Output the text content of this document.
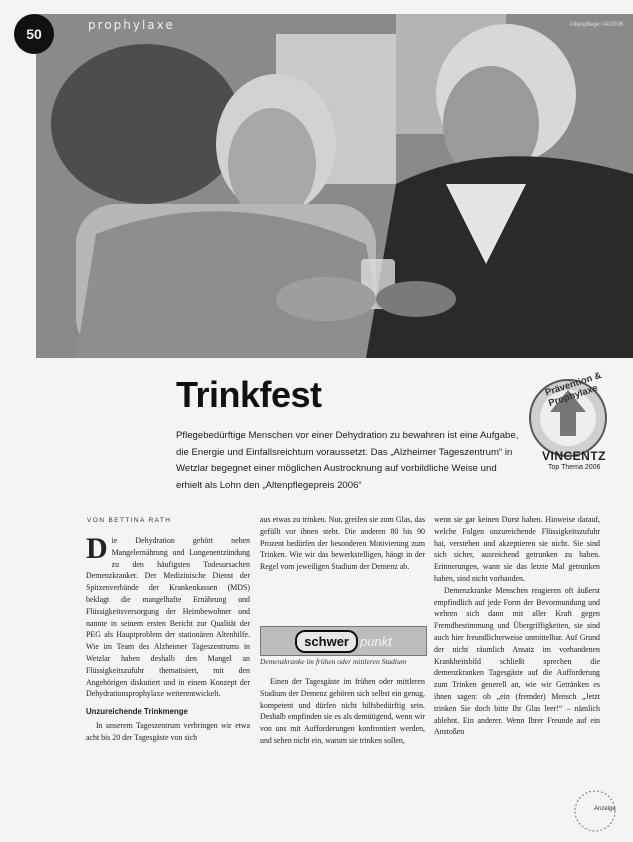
prophylaxe	Altenpflege 04/2006
50
Trinkfest

Pflegebedürftige Menschen vor einer Dehydration zu bewahren ist eine Aufgabe, die Energie und Einfallsreichtum voraussetzt. Das „Alzheimer Tageszentrum“ in Wetzlar begegnet einer möglichen Austrocknung auf vorbildliche Weise und erhielt als Lohn den „Altenpflegepreis 2006“

Prävention & Prophylaxe
VINCENTZ
Top Thema 2006
VON BETTINA RATH

Die Dehydration gehört neben Mangelernährung und Lungenentzündung zu den häufigsten Todesursachen Demenzkranker. Der Medizinische Dienst der Spitzenverbände der Krankenkassen (MDS) beklagt die mangelhafte Ernährung und Flüssigkeitsversorgung der Heimbewohner und nannte in seinem ersten Bericht zur Qualität der PEG als Hauptproblem der stationären Altenhilfe. Wie im Team des Alzheimer Tageszentrums in Wetzlar haben deshalb den Mangel an Flüssigkeitszufuhr thematisiert, mit den Angehörigen diskutiert und in einem Konzept der Dehydrationsprophylaxe weiterentwickelt.

Unzureichende Trinkmenge

In unserem Tageszentrum verbringen wir etwa acht bis 20 der Tagesgäste von sich

aus etwas zu trinken. Nur, greifen sie zum Glas, das gefüllt vor ihnen steht. Die anderen 80 bis 90 Prozent bedürfen der besonderen Motivierung zum Trinken. Wie wir das bewerkstelligen, hängt in der Regel vom jeweiligen Stadium der Demenz ab.

schwer punkt
Demenzkranke im frühen oder mittleren Stadium

Einen der Tagesgäste im frühen oder mittleren Stadium der Demenz gehören sich selbst ein genug, kompetent und dürfen nicht hilfsbedürftig sein. Deshalb empfinden sie es als demütigend, wenn wir von uns mit Aufforderungen konfrontiert werden, und sehen nicht ein, warum sie trinken sollen,

wenn sie gar keinen Durst haben. Hinweise darauf, welche Folgen unzureichende Flüssigkeitszufuhr hat, verstehen und akzeptieren sie nicht. Sie sind sich sicher, ausreichend getrunken zu haben. Erinnerungen, wann sie das letzte Mal getrunken haben, sind nicht vorhanden.

Demenzkranke Menschen reagieren oft äußerst empfindlich auf jede Form der Bevormundung und wehren sich dann mit aller Kraft gegen Fremdbestimmung und Übergriffigkeiten, sie sind auch hier freundlicherweise unmittelbar. Auf Grund der nicht räumlich Ansatz im vorhandenen Krankheitsbild schließt sprechen die demenzkranken Tagesgäste auf die Aufforderung zum Trinken generell an, wie wir Getränken es ihnen sagen: ob „ein (fremder) Mensch „Jetzt trinken Sie doch bitte Ihr Glas leer!“ – nämlich ablehnt. Ein anderer. Wenn Ihrer Freunde auf ein Anstoßen

Anzeige
